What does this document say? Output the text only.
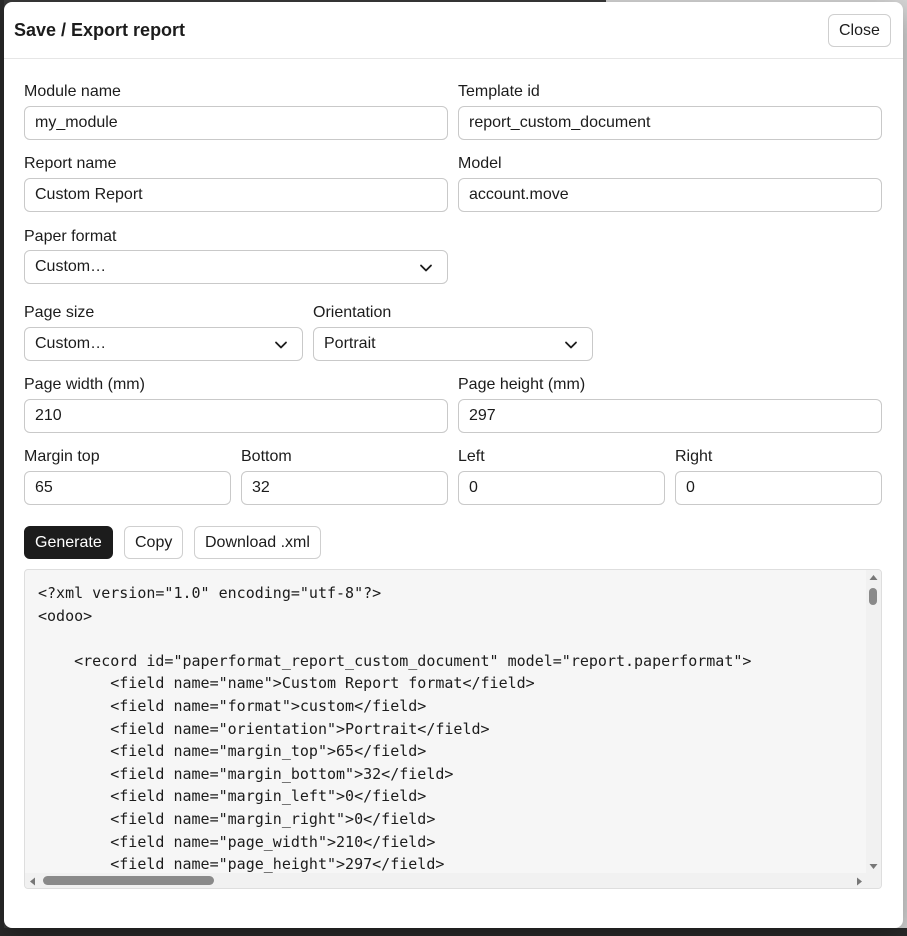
Save / Export report	Close
Module name
my_module
Template id
report_custom_document
Report name
Custom Report
Model
account.move
Paper format
Custom…
Page size
Custom…
Orientation
Portrait
Page width (mm)
210
Page height (mm)
297
Margin top
65
Bottom
32
Left
0
Right
0
Generate	Copy	Download .xml
<?xml version="1.0" encoding="utf-8"?>
<odoo>

<record id="paperformat_report_custom_document" model="report.paperformat">
<field name="name">Custom Report format</field>
<field name="format">custom</field>
<field name="orientation">Portrait</field>
<field name="margin_top">65</field>
<field name="margin_bottom">32</field>
<field name="margin_left">0</field>
<field name="margin_right">0</field>
<field name="page_width">210</field>
<field name="page_height">297</field>
